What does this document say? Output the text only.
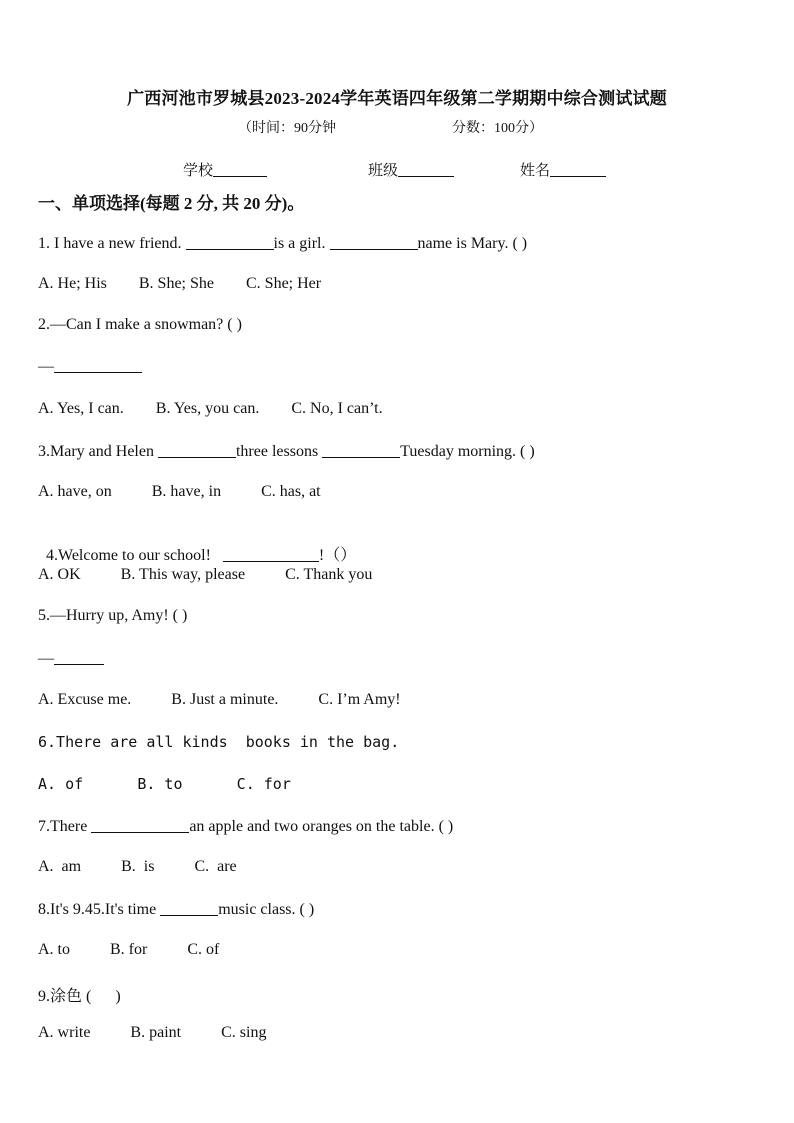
广西河池市罗城县2023-2024学年英语四年级第二学期期中综合测试试题
（时间：90分钟	分数：100分）
学校	班级	姓名
一、单项选择(每题 2 分, 共 20 分)。
1. I have a new friend.	is a girl.	name is Mary. ( )
A. He; His        B. She; She        C. She; Her
2.—Can I make a snowman? ( )
—
A. Yes, I can.        B. Yes, you can.        C. No, I can’t.
3.Mary and Helen	three lessons	Tuesday morning. ( )
A. have, on          B. have, in          C. has, at

4.Welcome to our school!	!（）

A. OK          B. This way, please          C. Thank you
5.—Hurry up, Amy! ( )
—
A. Excuse me.          B. Just a minute.          C. I’m Amy!
6.There are all kinds  books in the bag.
A. of      B. to      C. for
7.There	an apple and two oranges on the table. ( )
A.  am          B.  is          C.  are
8.It's 9.45.It's time	music class. ( )
A. to          B. for          C. of
9.涂色 (      )
A. write          B. paint          C. sing
